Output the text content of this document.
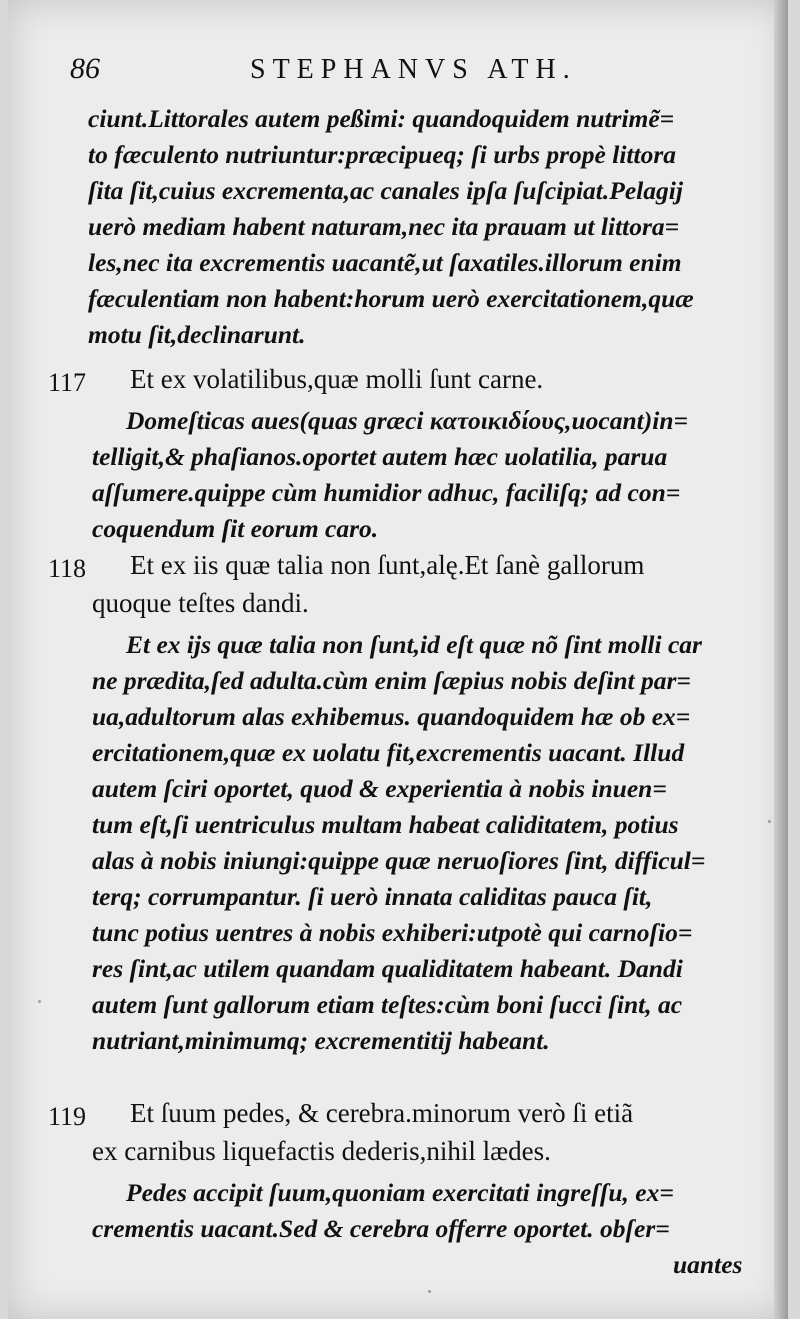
86	STEPHANVS ATH.
ciunt.Littorales autem peßimi: quandoquidem nutrimẽ=
to fæculento nutriuntur:præcipueq; ſi urbs propè littora
ſita ſit,cuius excrementa,ac canales ipſa ſuſcipiat.Pelagij
uerò mediam habent naturam,nec ita prauam ut littora=
les,nec ita excrementis uacantẽ,ut ſaxatiles.illorum enim
fæculentiam non habent:horum uerò exercitationem,quæ
motu ſit,declinarunt.
117 Et ex volatilibus,quæ molli ſunt carne.
Domeſticas aues(quas græci κατοικιδίους,uocant)in=
telligit,& phaſianos.oportet autem hæc uolatilia, parua
aſſumere.quippe cùm humidior adhuc, faciliſq; ad con=
coquendum ſit eorum caro.
118 Et ex iis quæ talia non ſunt,alę.Et ſanè gallorum
quoque teſtes dandi.
Et ex ijs quæ talia non ſunt,id eſt quæ nõ ſint molli car
ne prædita,ſed adulta.cùm enim ſæpius nobis deſint par=
ua,adultorum alas exhibemus. quandoquidem hæ ob ex=
ercitationem,quæ ex uolatu fit,excrementis uacant. Illud
autem ſciri oportet, quod & experientia à nobis inuen=
tum eſt,ſi uentriculus multam habeat caliditatem, potius
alas à nobis iniungi:quippe quæ neruoſiores ſint, difficul=
terq; corrumpantur. ſi uerò innata caliditas pauca ſit,
tunc potius uentres à nobis exhiberi:utpotè qui carnoſio=
res ſint,ac utilem quandam qualiditatem habeant. Dandi
autem ſunt gallorum etiam teſtes:cùm boni ſucci ſint, ac
nutriant,minimumq; excrementitij habeant.
119 Et ſuum pedes, & cerebra.minorum verò ſi etiã
ex carnibus liquefactis dederis,nihil lædes.
Pedes accipit ſuum,quoniam exercitati ingreſſu, ex=
crementis uacant.Sed & cerebra offerre oportet. obſer=
uantes
